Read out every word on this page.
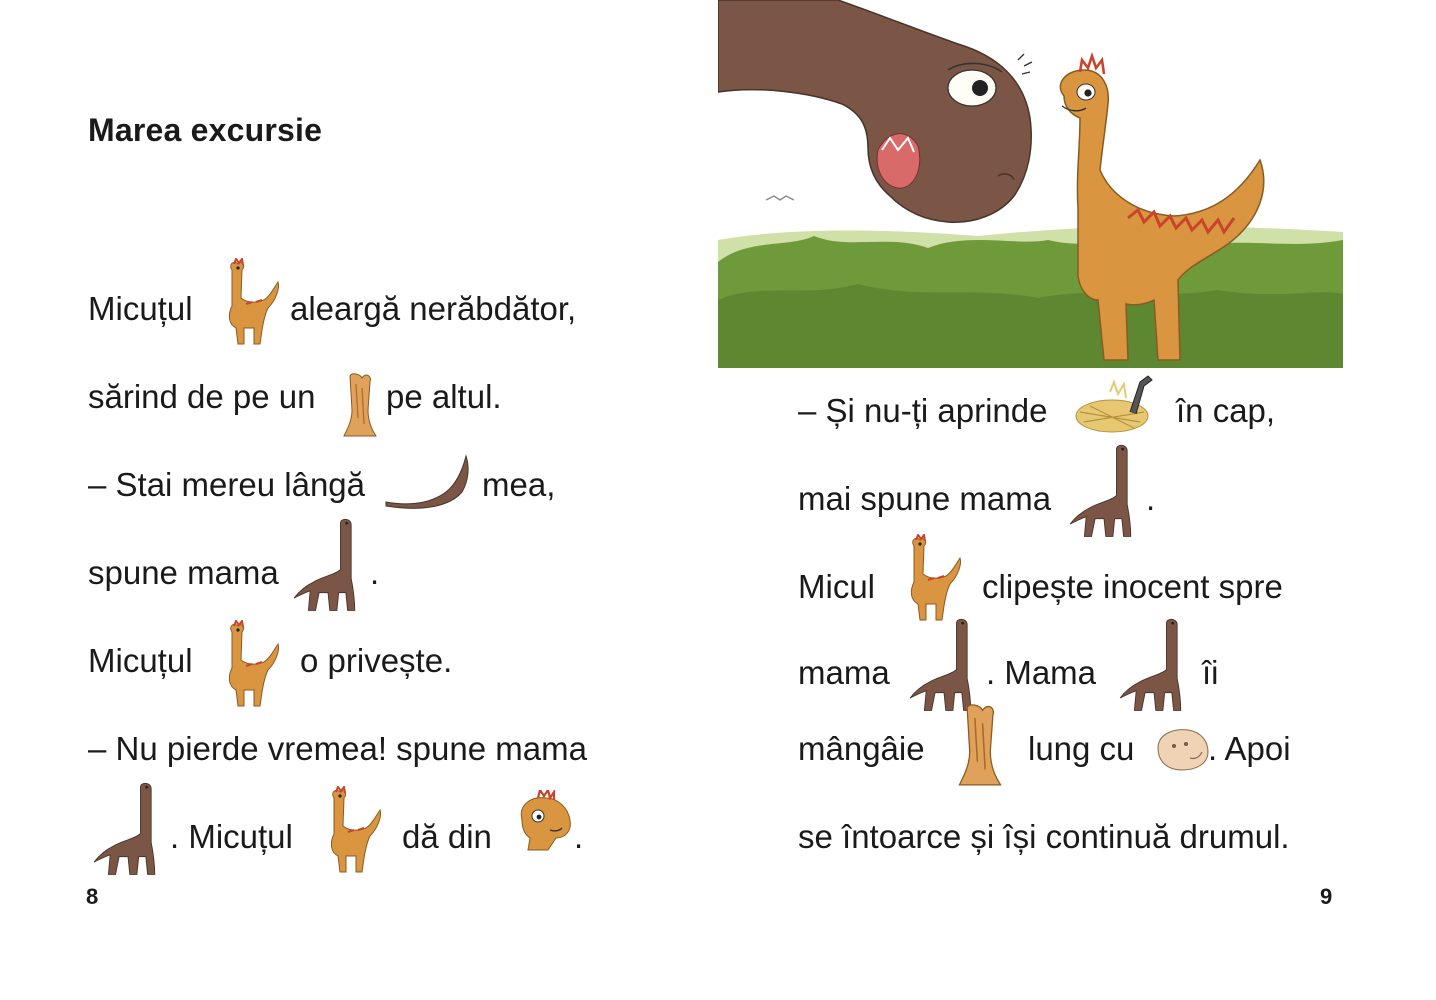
Marea excursie
Micuțul	aleargă nerăbdător,
sărind de pe un pe altul.
– Stai mereu lângă	mea,
spune mama	.
Micuțul	o privește.
– Nu pierde vremea! spune mama
. Micuțul	dă din .
8
– Și nu-ți aprinde	în cap,
mai spune mama	.
Micul	clipește inocent spre
mama	. Mama	îi
mângâie	lung cu . Apoi
se întoarce și își continuă drumul.
9
